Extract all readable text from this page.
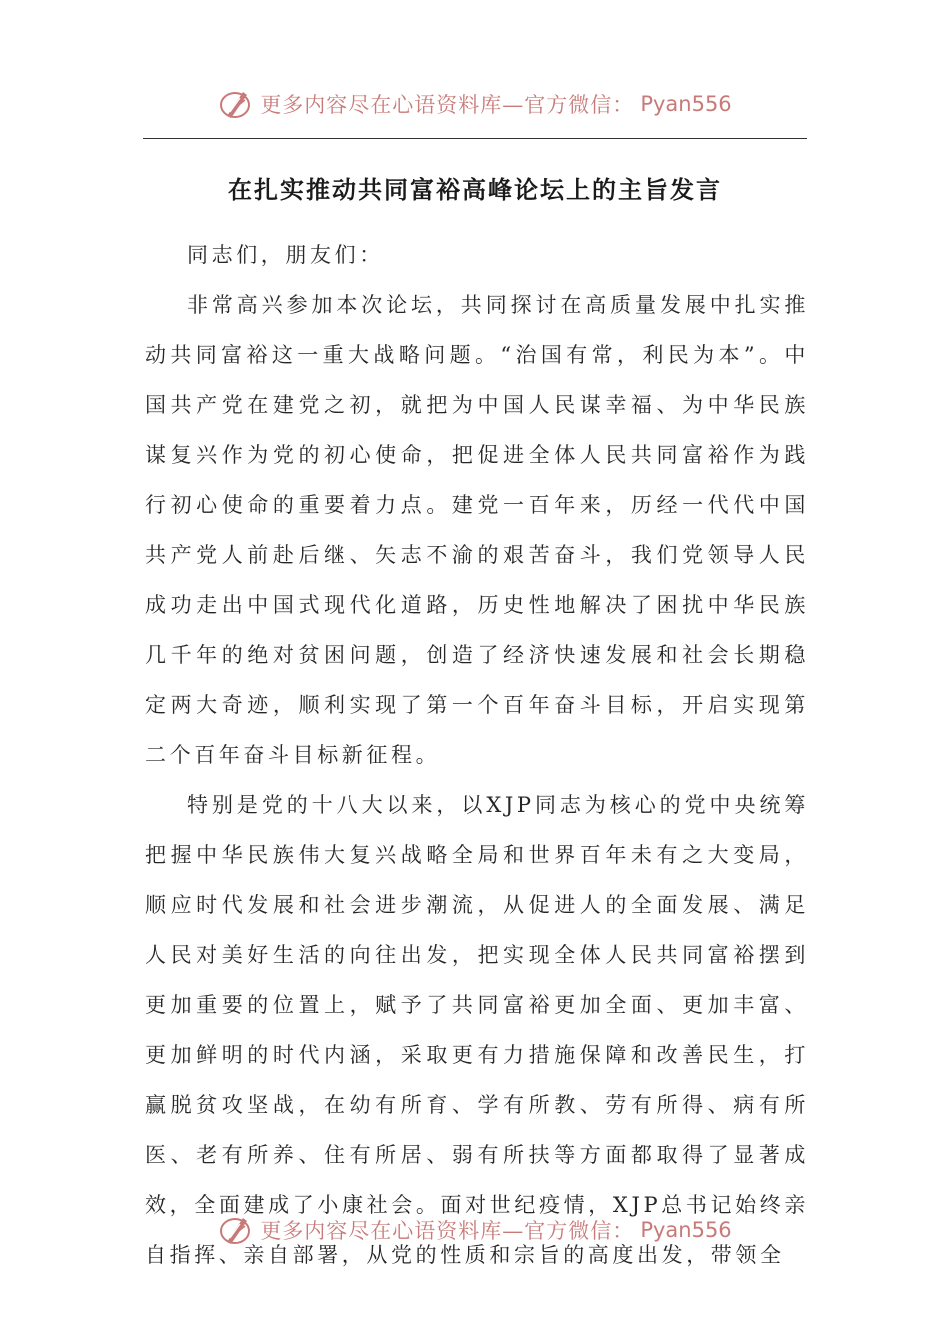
更多内容尽在心语资料库—官方微信： Pyan556
在扎实推动共同富裕高峰论坛上的主旨发言

同志们，朋友们：

非常高兴参加本次论坛，共同探讨在高质量发展中扎实推动共同富裕这一重大战略问题。“治国有常，利民为本”。中国共产党在建党之初，就把为中国人民谋幸福、为中华民族谋复兴作为党的初心使命，把促进全体人民共同富裕作为践行初心使命的重要着力点。建党一百年来，历经一代代中国共产党人前赴后继、矢志不渝的艰苦奋斗，我们党领导人民成功走出中国式现代化道路，历史性地解决了困扰中华民族几千年的绝对贫困问题，创造了经济快速发展和社会长期稳定两大奇迹，顺利实现了第一个百年奋斗目标，开启实现第二个百年奋斗目标新征程。

特别是党的十八大以来，以XJP同志为核心的党中央统筹把握中华民族伟大复兴战略全局和世界百年未有之大变局，顺应时代发展和社会进步潮流，从促进人的全面发展、满足人民对美好生活的向往出发，把实现全体人民共同富裕摆到更加重要的位置上，赋予了共同富裕更加全面、更加丰富、更加鲜明的时代内涵，采取更有力措施保障和改善民生，打赢脱贫攻坚战，在幼有所育、学有所教、劳有所得、病有所医、老有所养、住有所居、弱有所扶等方面都取得了显著成效，全面建成了小康社会。面对世纪疫情，XJP总书记始终亲自指挥、亲自部署，从党的性质和宗旨的高度出发，带领全

更多内容尽在心语资料库—官方微信： Pyan556
